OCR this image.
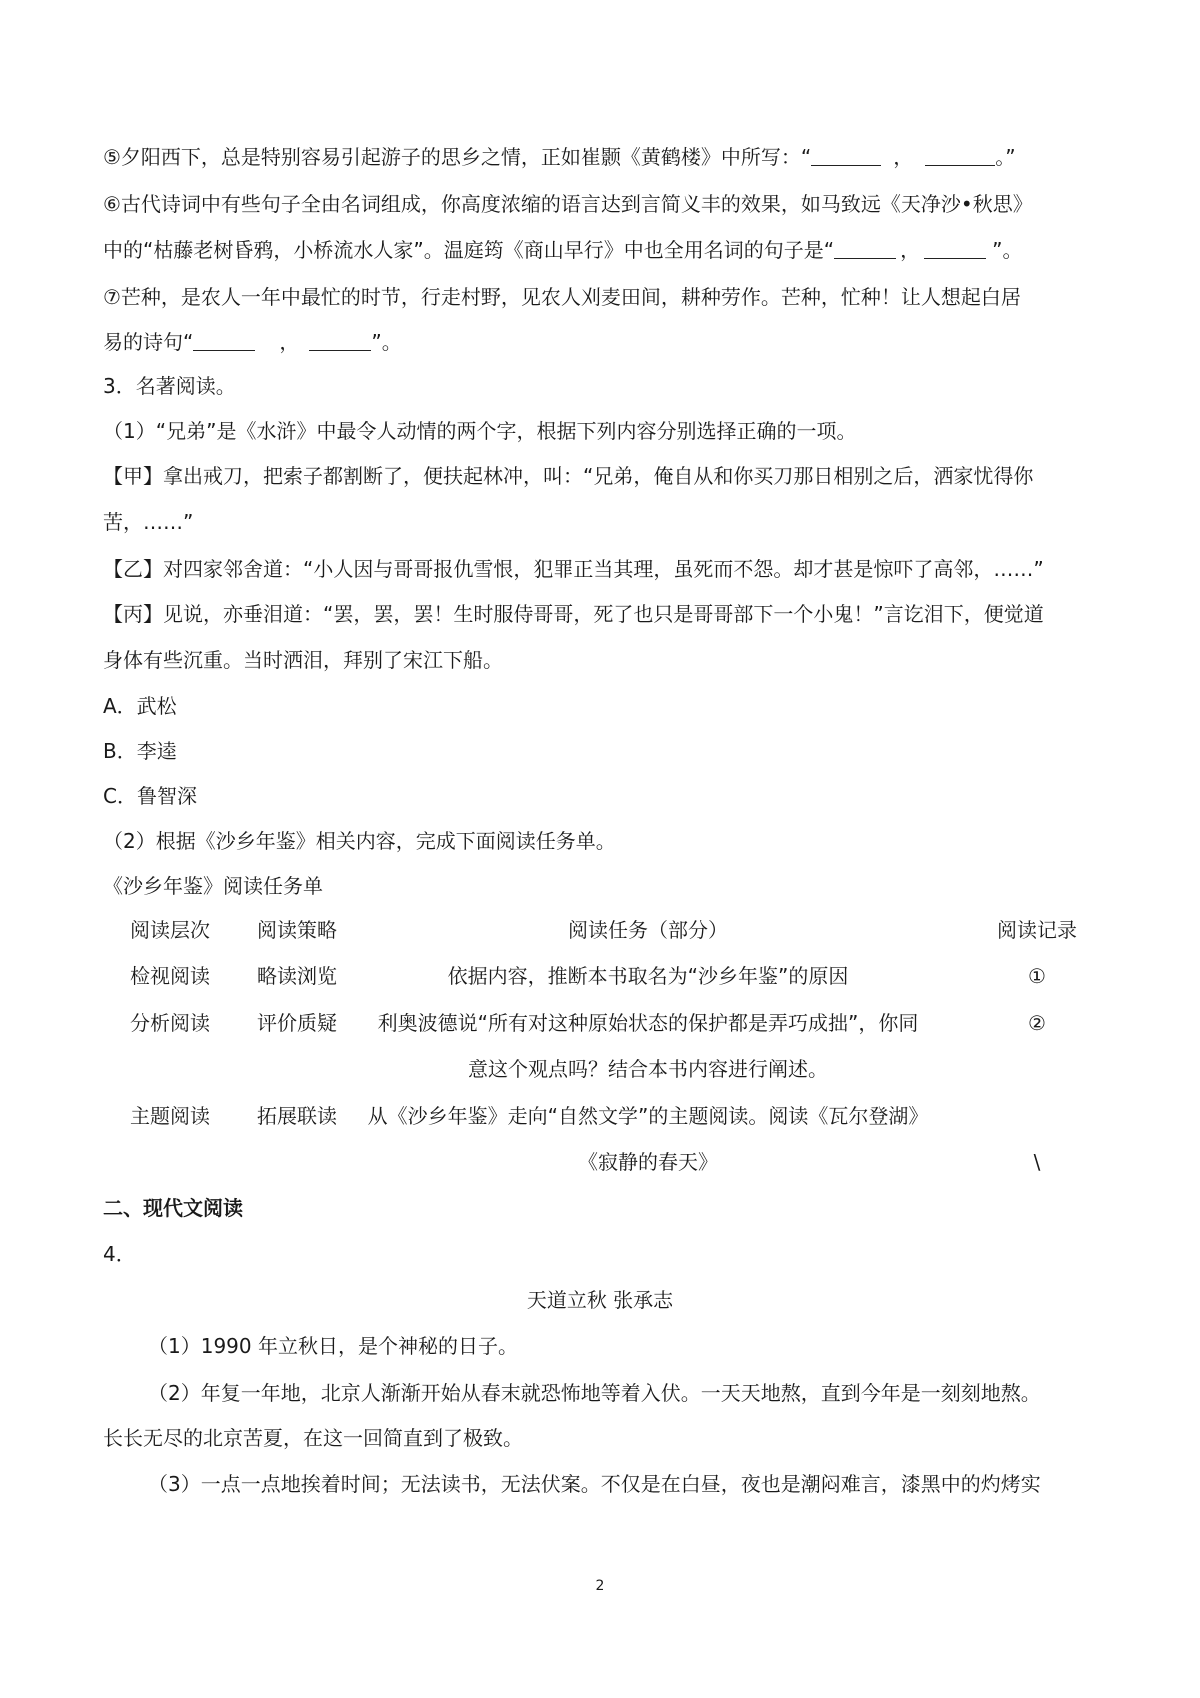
⑤夕阳西下，总是特别容易引起游子的思乡之情，正如崔颢《黄鹤楼》中所写：“	，	。”
⑥古代诗词中有些句子全由名词组成，你高度浓缩的语言达到言简义丰的效果，如马致远《天净沙•秋思》
中的“枯藤老树昏鸦，小桥流水人家”。温庭筠《商山早行》中也全用名词的句子是“	，	”。
⑦芒种，是农人一年中最忙的时节，行走村野，见农人刈麦田间，耕种劳作。芒种，忙种！让人想起白居
易的诗句“	，	”。
3．名著阅读。
（1）“兄弟”是《水浒》中最令人动情的两个字，根据下列内容分别选择正确的一项。
【甲】拿出戒刀，把索子都割断了，便扶起林冲，叫：“兄弟，俺自从和你买刀那日相别之后，洒家忧得你
苦，……”
【乙】对四家邻舍道：“小人因与哥哥报仇雪恨，犯罪正当其理，虽死而不怨。却才甚是惊吓了高邻，……”
【丙】见说，亦垂泪道：“罢，罢，罢！生时服侍哥哥，死了也只是哥哥部下一个小鬼！”言讫泪下，便觉道
身体有些沉重。当时洒泪，拜别了宋江下船。
A．武松
B．李逵
C．鲁智深
（2）根据《沙乡年鉴》相关内容，完成下面阅读任务单。
《沙乡年鉴》阅读任务单
阅读层次 阅读策略	阅读任务（部分）	阅读记录
检视阅读 略读浏览	依据内容，推断本书取名为“沙乡年鉴”的原因	①
分析阅读 评价质疑 利奥波德说“所有对这种原始状态的保护都是弄巧成拙”，你同	②
意这个观点吗？结合本书内容进行阐述。
主题阅读 拓展联读 从《沙乡年鉴》走向“自然文学”的主题阅读。阅读《瓦尔登湖》
《寂静的春天》	\
二、现代文阅读
4．
天道立秋 张承志
（1）1990 年立秋日，是个神秘的日子。
（2）年复一年地，北京人渐渐开始从春末就恐怖地等着入伏。一天天地熬，直到今年是一刻刻地熬。
长长无尽的北京苦夏，在这一回简直到了极致。
（3）一点一点地挨着时间；无法读书，无法伏案。不仅是在白昼，夜也是潮闷难言，漆黑中的灼烤实
2
